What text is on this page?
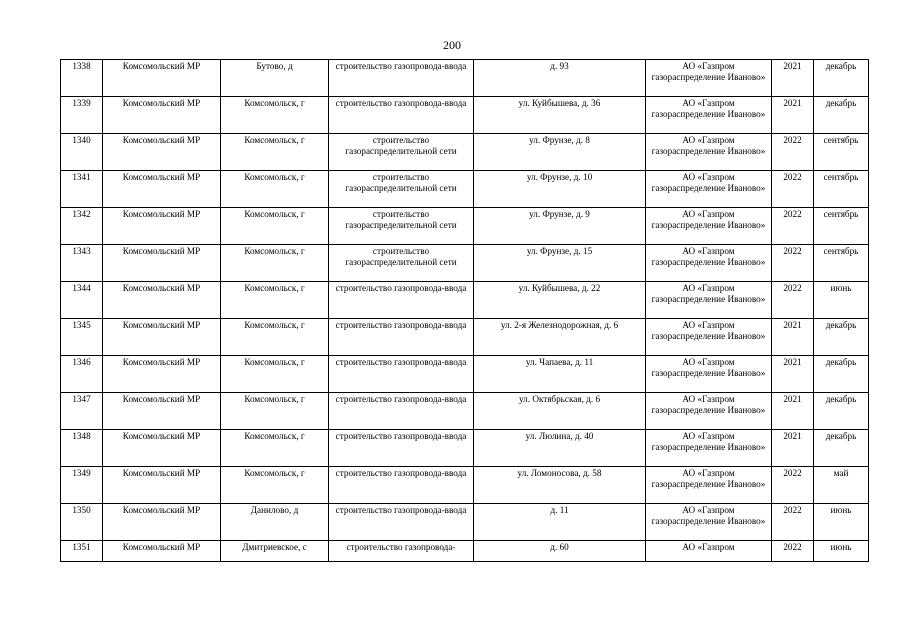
200
1338	Комсомольский МР	Бутово, д	строительство газопровода-ввода	д. 93	АО «Газпром газораспределение Иваново»	2021	декабрь
1339	Комсомольский МР	Комсомольск, г	строительство газопровода-ввода	ул. Куйбышева, д. 36	АО «Газпром газораспределение Иваново»	2021	декабрь
1340	Комсомольский МР	Комсомольск, г	строительство газораспределительной сети	ул. Фрунзе, д. 8	АО «Газпром газораспределение Иваново»	2022	сентябрь
1341	Комсомольский МР	Комсомольск, г	строительство газораспределительной сети	ул. Фрунзе, д. 10	АО «Газпром газораспределение Иваново»	2022	сентябрь
1342	Комсомольский МР	Комсомольск, г	строительство газораспределительной сети	ул. Фрунзе, д. 9	АО «Газпром газораспределение Иваново»	2022	сентябрь
1343	Комсомольский МР	Комсомольск, г	строительство газораспределительной сети	ул. Фрунзе, д. 15	АО «Газпром газораспределение Иваново»	2022	сентябрь
1344	Комсомольский МР	Комсомольск, г	строительство газопровода-ввода	ул. Куйбышева, д. 22	АО «Газпром газораспределение Иваново»	2022	июнь
1345	Комсомольский МР	Комсомольск, г	строительство газопровода-ввода	ул. 2-я Железнодорожная, д. 6	АО «Газпром газораспределение Иваново»	2021	декабрь
1346	Комсомольский МР	Комсомольск, г	строительство газопровода-ввода	ул. Чапаева, д. 11	АО «Газпром газораспределение Иваново»	2021	декабрь
1347	Комсомольский МР	Комсомольск, г	строительство газопровода-ввода	ул. Октябрьская, д. 6	АО «Газпром газораспределение Иваново»	2021	декабрь
1348	Комсомольский МР	Комсомольск, г	строительство газопровода-ввода	ул. Люлина, д. 40	АО «Газпром газораспределение Иваново»	2021	декабрь
1349	Комсомольский МР	Комсомольск, г	строительство газопровода-ввода	ул. Ломоносова, д. 58	АО «Газпром газораспределение Иваново»	2022	май
1350	Комсомольский МР	Данилово, д	строительство газопровода-ввода	д. 11	АО «Газпром газораспределение Иваново»	2022	июнь
1351	Комсомольский МР	Дмитриевское, с	строительство газопровода-	д. 60	АО «Газпром	2022	июнь
